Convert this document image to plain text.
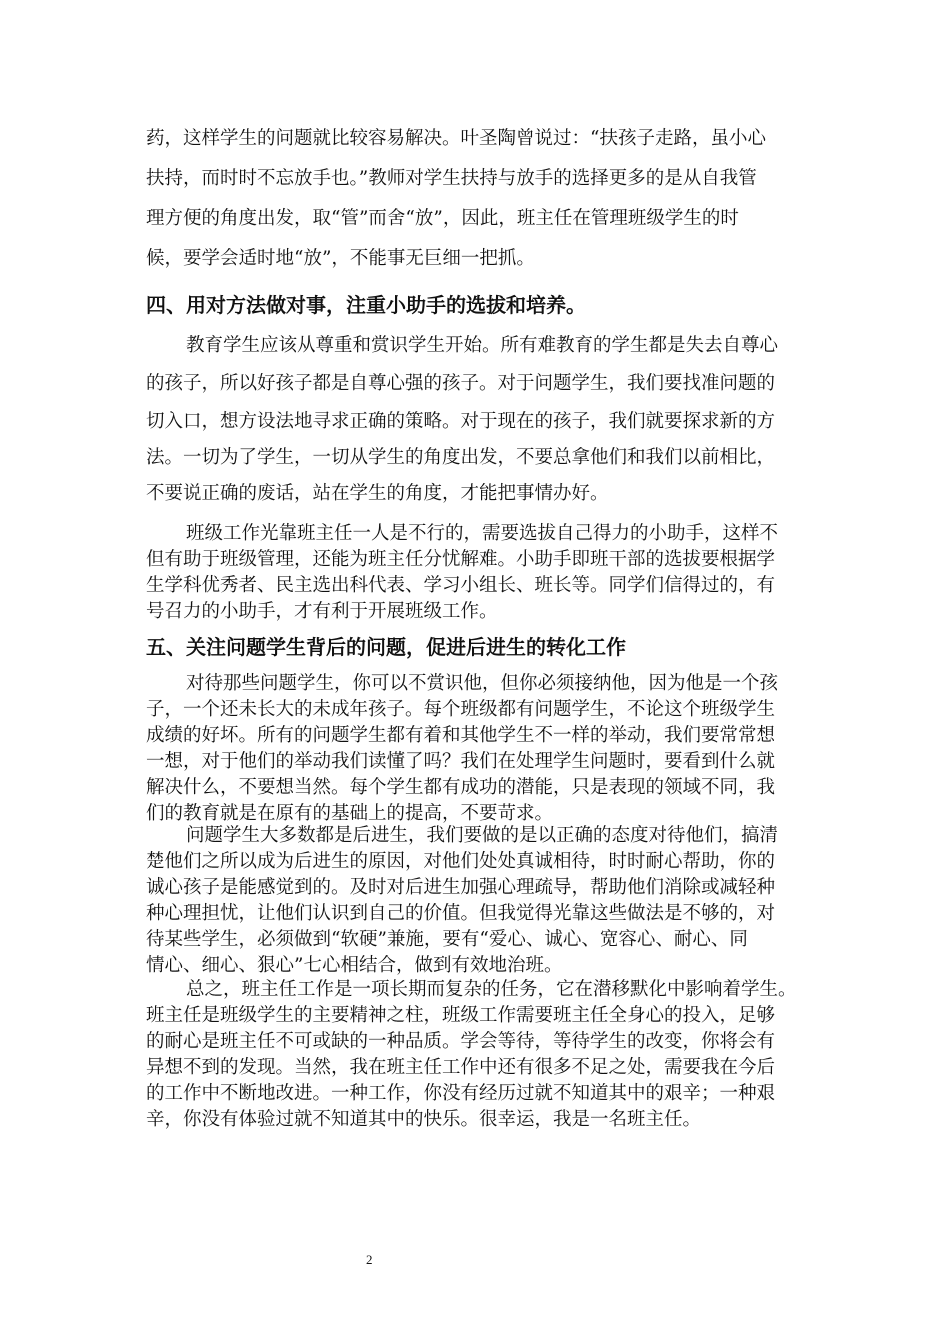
药，这样学生的问题就比较容易解决。叶圣陶曾说过：“扶孩子走路，虽小心

扶持，而时时不忘放手也。”教师对学生扶持与放手的选择更多的是从自我管

理方便的角度出发，取“管”而舍“放”，因此，班主任在管理班级学生的时

候，要学会适时地“放”，不能事无巨细一把抓。

四、用对方法做对事，注重小助手的选拔和培养。

教育学生应该从尊重和赏识学生开始。所有难教育的学生都是失去自尊心

的孩子，所以好孩子都是自尊心强的孩子。对于问题学生，我们要找准问题的

切入口，想方设法地寻求正确的策略。对于现在的孩子，我们就要探求新的方

法。一切为了学生，一切从学生的角度出发，不要总拿他们和我们以前相比，

不要说正确的废话，站在学生的角度，才能把事情办好。

班级工作光靠班主任一人是不行的，需要选拔自己得力的小助手，这样不

但有助于班级管理，还能为班主任分忧解难。小助手即班干部的选拔要根据学

生学科优秀者、民主选出科代表、学习小组长、班长等。同学们信得过的，有

号召力的小助手，才有利于开展班级工作。

五、关注问题学生背后的问题，促进后进生的转化工作

对待那些问题学生，你可以不赏识他，但你必须接纳他，因为他是一个孩

子，一个还未长大的未成年孩子。每个班级都有问题学生，不论这个班级学生

成绩的好坏。所有的问题学生都有着和其他学生不一样的举动，我们要常常想

一想，对于他们的举动我们读懂了吗？我们在处理学生问题时，要看到什么就

解决什么，不要想当然。每个学生都有成功的潜能，只是表现的领域不同，我

们的教育就是在原有的基础上的提高，不要苛求。

问题学生大多数都是后进生，我们要做的是以正确的态度对待他们，搞清

楚他们之所以成为后进生的原因，对他们处处真诚相待，时时耐心帮助，你的

诚心孩子是能感觉到的。及时对后进生加强心理疏导，帮助他们消除或减轻种

种心理担忧，让他们认识到自己的价值。但我觉得光靠这些做法是不够的，对

待某些学生，必须做到“软硬”兼施，要有“爱心、诚心、宽容心、耐心、同

情心、细心、狠心”七心相结合，做到有效地治班。

总之，班主任工作是一项长期而复杂的任务，它在潜移默化中影响着学生。

班主任是班级学生的主要精神之柱，班级工作需要班主任全身心的投入，足够

的耐心是班主任不可或缺的一种品质。学会等待，等待学生的改变，你将会有

异想不到的发现。当然，我在班主任工作中还有很多不足之处，需要我在今后

的工作中不断地改进。一种工作，你没有经历过就不知道其中的艰辛；一种艰

辛，你没有体验过就不知道其中的快乐。很幸运，我是一名班主任。

2
